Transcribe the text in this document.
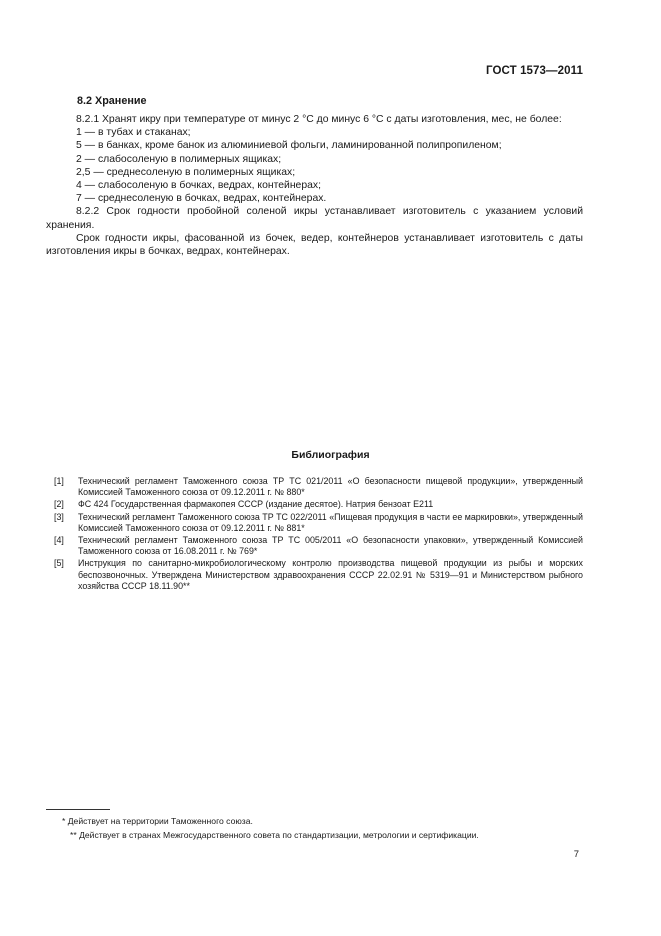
ГОСТ 1573—2011
8.2 Хранение

8.2.1 Хранят икру при температуре от минус 2 °С до минус 6 °С с даты изготовления, мес, не более:

1 — в тубах и стаканах;

5 — в банках, кроме банок из алюминиевой фольги, ламинированной полипропиленом;

2 — слабосоленую в полимерных ящиках;

2,5 — среднесоленую в полимерных ящиках;

4 — слабосоленую в бочках, ведрах, контейнерах;

7 — среднесоленую в бочках, ведрах, контейнерах.

8.2.2 Срок годности пробойной соленой икры устанавливает изготовитель с указанием условий хранения.

Срок годности икры, фасованной из бочек, ведер, контейнеров устанавливает изготовитель с даты изготовления икры в бочках, ведрах, контейнерах.

Библиография
[1]	Технический регламент Таможенного союза ТР ТС 021/2011 «О безопасности пищевой продукции», утвержденный Комиссией Таможенного союза от 09.12.2011 г. № 880*
[2]	ФС 424 Государственная фармакопея СССР (издание десятое). Натрия бензоат Е211
[3]	Технический регламент Таможенного союза ТР ТС 022/2011 «Пищевая продукция в части ее маркировки», утвержденный Комиссией Таможенного союза от 09.12.2011 г. № 881*
[4]	Технический регламент Таможенного союза ТР ТС 005/2011 «О безопасности упаковки», утвержденный Комиссией Таможенного союза от 16.08.2011 г. № 769*
[5]	Инструкция по санитарно-микробиологическому контролю производства пищевой продукции из рыбы и морских беспозвоночных. Утверждена Министерством здравоохранения СССР 22.02.91 № 5319—91 и Министерством рыбного хозяйства СССР 18.11.90**
* Действует на территории Таможенного союза.
** Действует в странах Межгосударственного совета по стандартизации, метрологии и сертификации.
7
